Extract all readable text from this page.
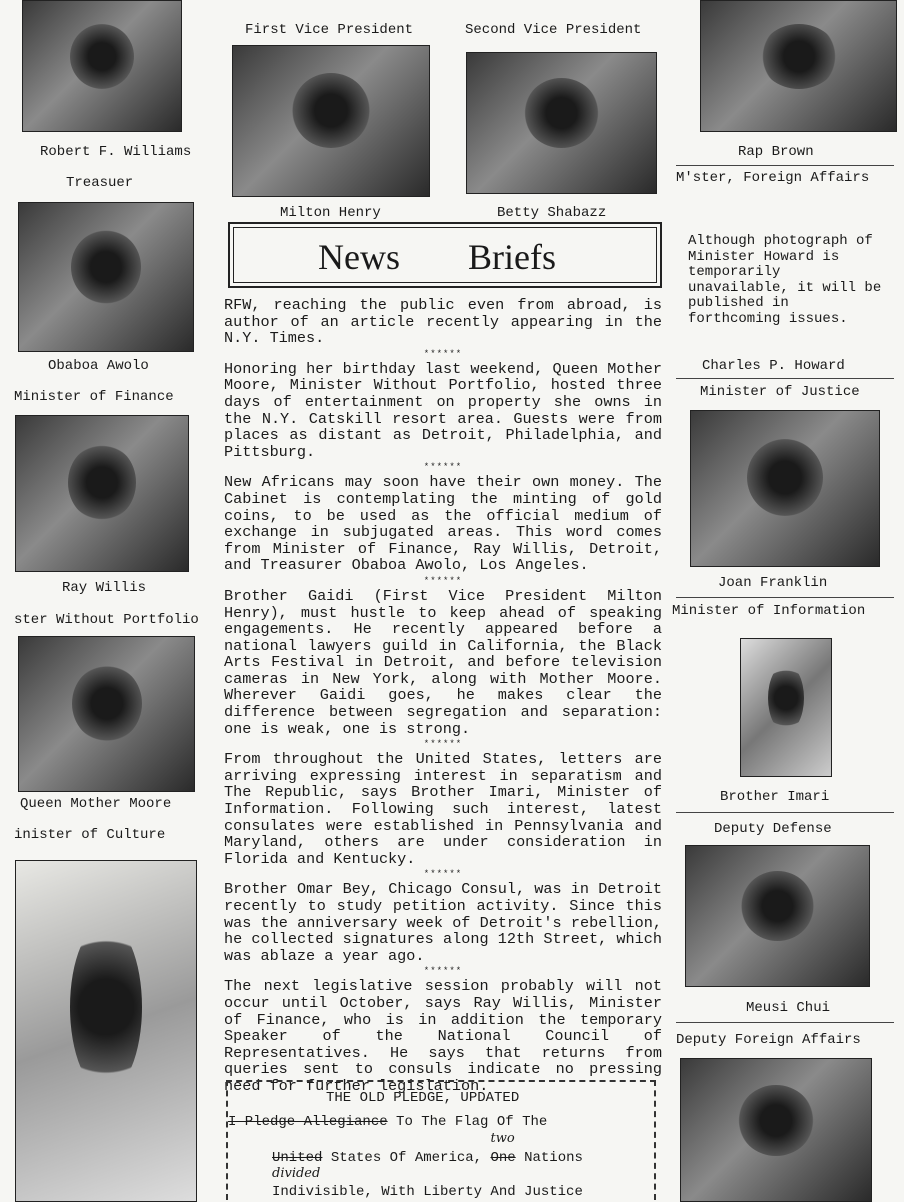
Robert F. Williams
Treasuer
Obaboa Awolo
Minister of Finance
Ray Willis
ster Without Portfolio
Queen Mother Moore
inister of Culture
First Vice President	Second Vice President
Milton Henry	Betty Shabazz
News Briefs

RFW, reaching the public even from abroad, is author of an article recently appearing in the N.Y. Times.

******

Honoring her birthday last weekend, Queen Mother Moore, Minister Without Portfolio, hosted three days of entertainment on property she owns in the N.Y. Catskill resort area. Guests were from places as distant as Detroit, Philadelphia, and Pittsburg.

******

New Africans may soon have their own money. The Cabinet is contemplating the minting of gold coins, to be used as the official medium of exchange in subjugated areas. This word comes from Minister of Finance, Ray Willis, Detroit, and Treasurer Obaboa Awolo, Los Angeles.

******

Brother Gaidi (First Vice President Milton Henry), must hustle to keep ahead of speaking engagements. He recently appeared before a national lawyers guild in California, the Black Arts Festival in Detroit, and before television cameras in New York, along with Mother Moore. Wherever Gaidi goes, he makes clear the difference between segregation and separation: one is weak, one is strong.

******

From throughout the United States, letters are arriving expressing interest in separatism and The Republic, says Brother Imari, Minister of Information. Following such interest, latest consulates were established in Pennsylvania and Maryland, others are under consideration in Florida and Kentucky.

******

Brother Omar Bey, Chicago Consul, was in Detroit recently to study petition activity. Since this was the anniversary week of Detroit's rebellion, he collected signatures along 12th Street, which was ablaze a year ago.

******

The next legislative session probably will not occur until October, says Ray Willis, Minister of Finance, who is in addition the temporary Speaker of the National Council of Representatives. He says that returns from queries sent to consuls indicate no pressing need for further legislation.

THE OLD PLEDGE, UPDATED
I Pledge Allegiance To The Flag Of The
United States Of America,
two
One Nations
divided
Indivisible, With Liberty And Justice
Rap Brown
M'ster, Foreign Affairs
Although photograph of Minister Howard is temporarily unavailable, it will be published in forthcoming issues.
Charles P. Howard
Minister of Justice
Joan Franklin
Minister of Information
Brother Imari
Deputy Defense
Meusi Chui
Deputy Foreign Affairs
